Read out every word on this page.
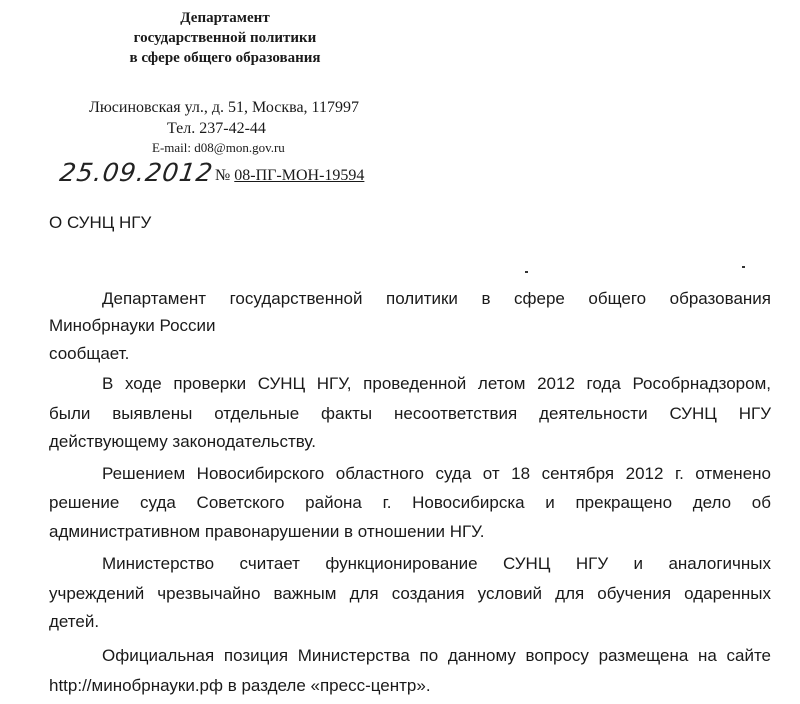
Департамент
государственной политики
в сфере общего образования
Люсиновская ул., д. 51, Москва, 117997
Тел. 237-42-44
E-mail: d08@mon.gov.ru
25.09.2012 № 08-ПГ-МОН-19594
О СУНЦ НГУ
Департамент государственной политики в сфере общего образования
Минобрнауки России
сообщает.
В ходе проверки СУНЦ НГУ, проведенной летом 2012 года Рособрнадзором,
были выявлены отдельные факты несоответствия деятельности СУНЦ НГУ
действующему законодательству.
Решением Новосибирского областного суда от 18 сентября 2012 г. отменено
решение суда Советского района г. Новосибирска и прекращено дело об
административном правонарушении в отношении НГУ.
Министерство считает функционирование СУНЦ НГУ и аналогичных
учреждений чрезвычайно важным для создания условий для обучения одаренных
детей.
Официальная позиция Министерства по данному вопросу размещена на сайте
http://минобрнауки.рф в разделе «пресс-центр».
